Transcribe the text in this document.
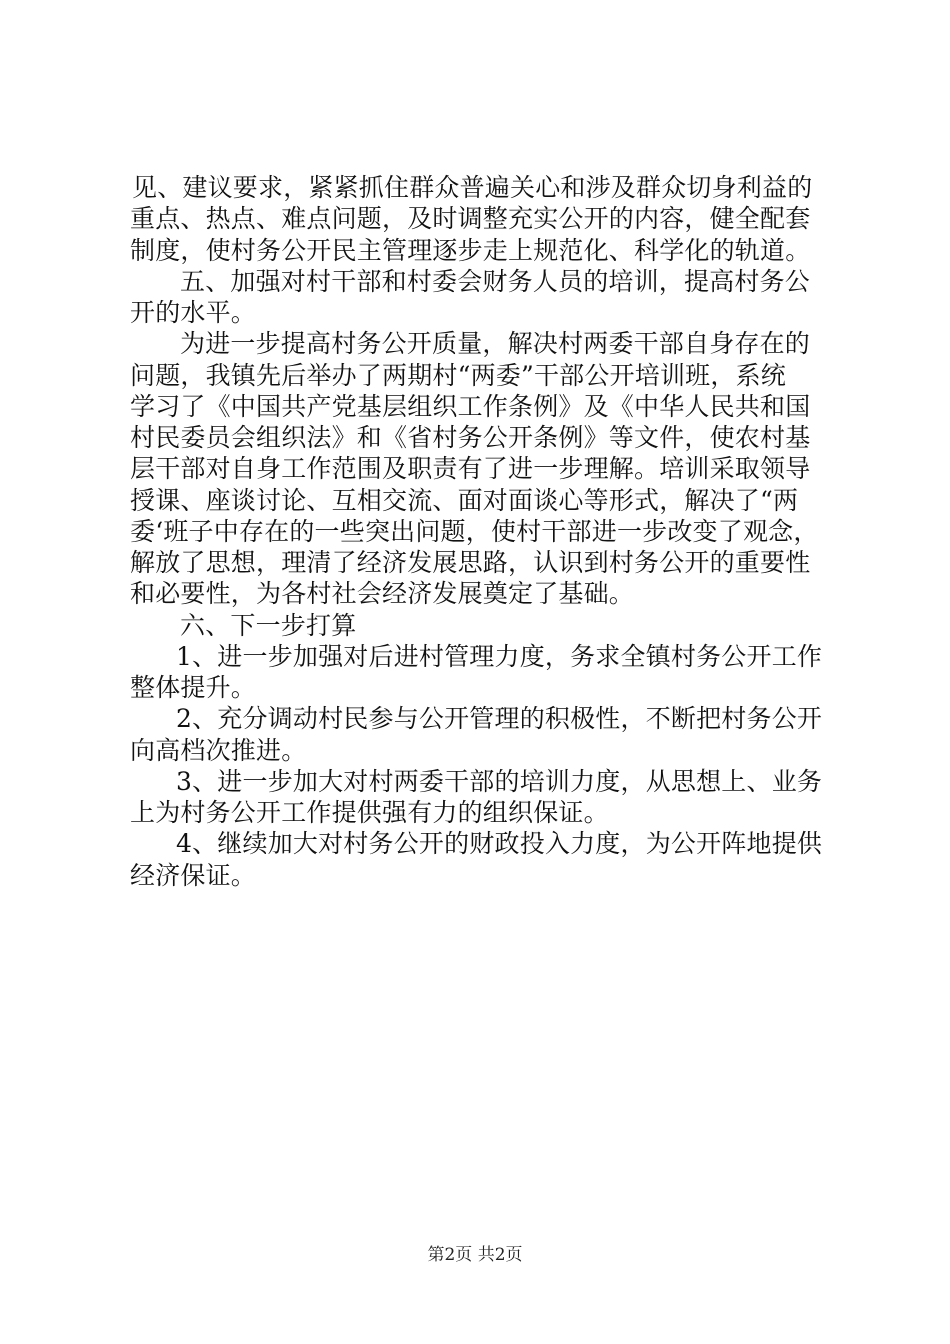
见、建议要求，紧紧抓住群众普遍关心和涉及群众切身利益的
重点、热点、难点问题，及时调整充实公开的内容，健全配套
制度，使村务公开民主管理逐步走上规范化、科学化的轨道。
五、加强对村干部和村委会财务人员的培训，提高村务公
开的水平。
为进一步提高村务公开质量，解决村两委干部自身存在的
问题，我镇先后举办了两期村“两委”干部公开培训班，系统
学习了《中国共产党基层组织工作条例》及《中华人民共和国
村民委员会组织法》和《省村务公开条例》等文件，使农村基
层干部对自身工作范围及职责有了进一步理解。培训采取领导
授课、座谈讨论、互相交流、面对面谈心等形式，解决了“两
委‘班子中存在的一些突出问题，使村干部进一步改变了观念，
解放了思想，理清了经济发展思路，认识到村务公开的重要性
和必要性，为各村社会经济发展奠定了基础。
六、下一步打算
1、进一步加强对后进村管理力度，务求全镇村务公开工作
整体提升。
2、充分调动村民参与公开管理的积极性，不断把村务公开
向高档次推进。
3、进一步加大对村两委干部的培训力度，从思想上、业务
上为村务公开工作提供强有力的组织保证。
4、继续加大对村务公开的财政投入力度，为公开阵地提供
经济保证。
第2页 共2页
